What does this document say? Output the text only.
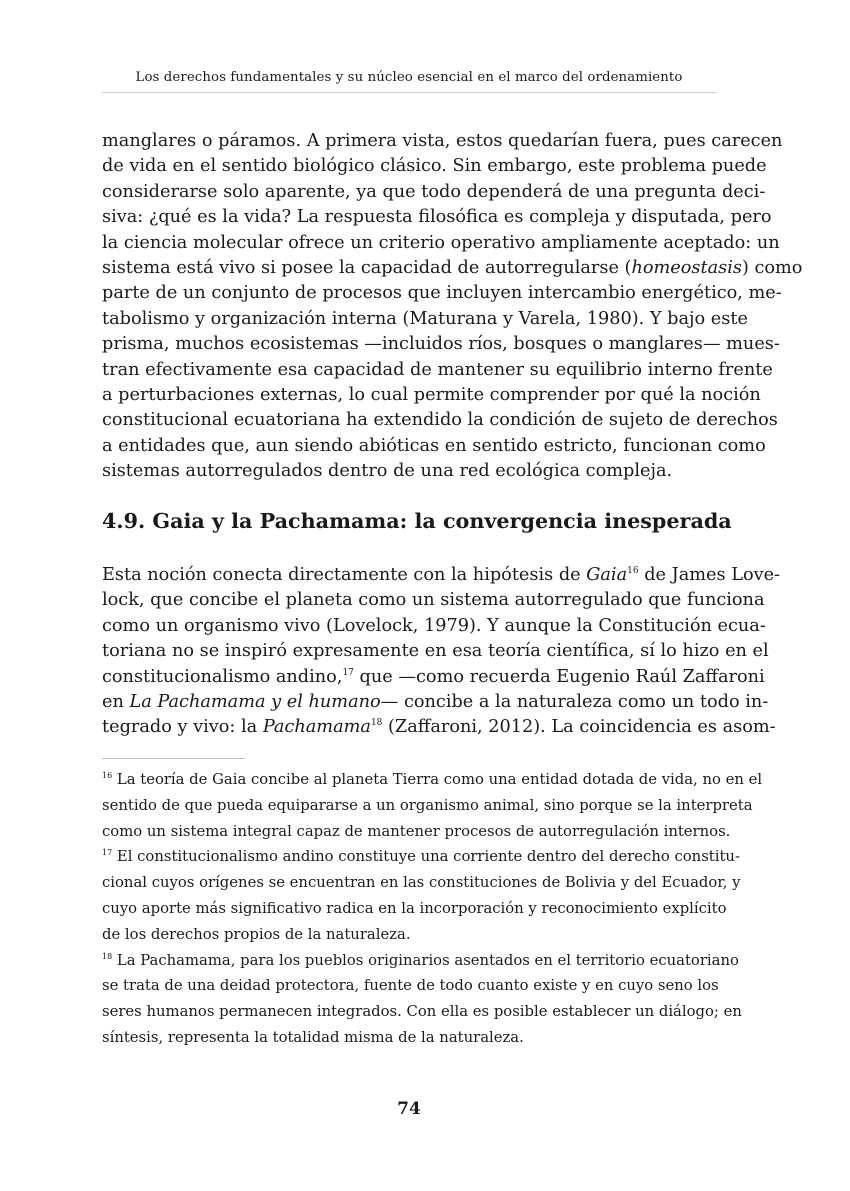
Los derechos fundamentales y su núcleo esencial en el marco del ordenamiento
manglares o páramos. A primera vista, estos quedarían fuera, pues carecen
de vida en el sentido biológico clásico. Sin embargo, este problema puede
considerarse solo aparente, ya que todo dependerá de una pregunta deci-
siva: ¿qué es la vida? La respuesta filosófica es compleja y disputada, pero
la ciencia molecular ofrece un criterio operativo ampliamente aceptado: un
sistema está vivo si posee la capacidad de autorregularse (homeostasis) como
parte de un conjunto de procesos que incluyen intercambio energético, me-
tabolismo y organización interna (Maturana y Varela, 1980). Y bajo este
prisma, muchos ecosistemas —incluidos ríos, bosques o manglares— mues-
tran efectivamente esa capacidad de mantener su equilibrio interno frente
a perturbaciones externas, lo cual permite comprender por qué la noción
constitucional ecuatoriana ha extendido la condición de sujeto de derechos
a entidades que, aun siendo abióticas en sentido estricto, funcionan como
sistemas autorregulados dentro de una red ecológica compleja.
4.9. Gaia y la Pachamama: la convergencia inesperada
Esta noción conecta directamente con la hipótesis de Gaia$^{16}$ de James Love-
lock, que concibe el planeta como un sistema autorregulado que funciona
como un organismo vivo (Lovelock, 1979). Y aunque la Constitución ecua-
toriana no se inspiró expresamente en esa teoría científica, sí lo hizo en el
constitucionalismo andino,$^{17}$ que —como recuerda Eugenio Raúl Zaffaroni
en La Pachamama y el humano— concibe a la naturaleza como un todo in-
tegrado y vivo: la Pachamama$^{18}$ (Zaffaroni, 2012). La coincidencia es asom-
$^{16}$ La teoría de Gaia concibe al planeta Tierra como una entidad dotada de vida, no en el
sentido de que pueda equipararse a un organismo animal, sino porque se la interpreta
como un sistema integral capaz de mantener procesos de autorregulación internos.
$^{17}$ El constitucionalismo andino constituye una corriente dentro del derecho constitu-
cional cuyos orígenes se encuentran en las constituciones de Bolivia y del Ecuador, y
cuyo aporte más significativo radica en la incorporación y reconocimiento explícito
de los derechos propios de la naturaleza.
$^{18}$ La Pachamama, para los pueblos originarios asentados en el territorio ecuatoriano
se trata de una deidad protectora, fuente de todo cuanto existe y en cuyo seno los
seres humanos permanecen integrados. Con ella es posible establecer un diálogo; en
síntesis, representa la totalidad misma de la naturaleza.
74
